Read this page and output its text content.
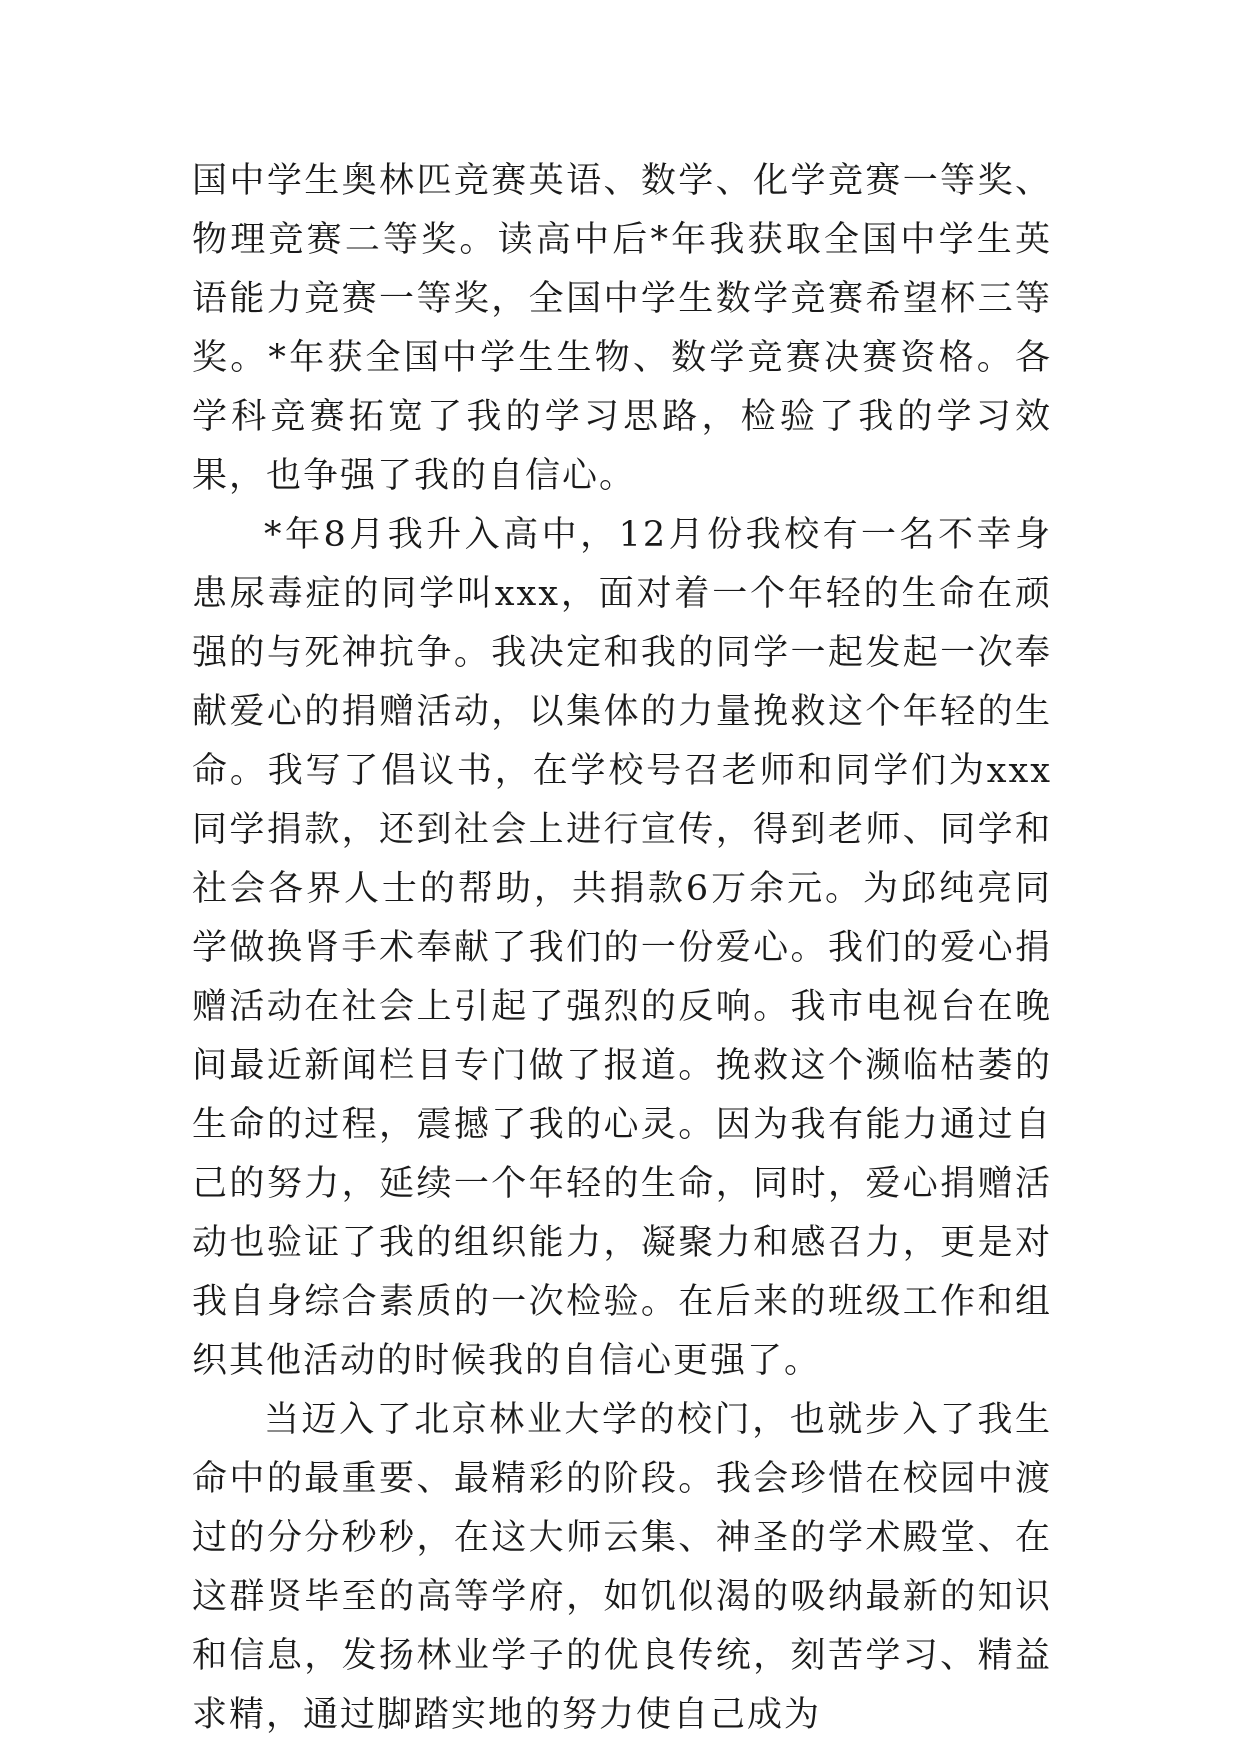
国中学生奥林匹竞赛英语、数学、化学竞赛一等奖、物理竞赛二等奖。读高中后*年我获取全国中学生英语能力竞赛一等奖，全国中学生数学竞赛希望杯三等奖。*年获全国中学生生物、数学竞赛决赛资格。各学科竞赛拓宽了我的学习思路，检验了我的学习效果，也争强了我的自信心。

*年8月我升入高中，12月份我校有一名不幸身患尿毒症的同学叫xxx，面对着一个年轻的生命在顽强的与死神抗争。我决定和我的同学一起发起一次奉献爱心的捐赠活动，以集体的力量挽救这个年轻的生命。我写了倡议书，在学校号召老师和同学们为xxx同学捐款，还到社会上进行宣传，得到老师、同学和社会各界人士的帮助，共捐款6万余元。为邱纯亮同学做换肾手术奉献了我们的一份爱心。我们的爱心捐赠活动在社会上引起了强烈的反响。我市电视台在晚间最近新闻栏目专门做了报道。挽救这个濒临枯萎的生命的过程，震撼了我的心灵。因为我有能力通过自己的努力，延续一个年轻的生命，同时，爱心捐赠活动也验证了我的组织能力，凝聚力和感召力，更是对我自身综合素质的一次检验。在后来的班级工作和组织其他活动的时候我的自信心更强了。

当迈入了北京林业大学的校门，也就步入了我生命中的最重要、最精彩的阶段。我会珍惜在校园中渡过的分分秒秒，在这大师云集、神圣的学术殿堂、在这群贤毕至的高等学府，如饥似渴的吸纳最新的知识和信息，发扬林业学子的优良传统，刻苦学习、精益求精，通过脚踏实地的努力使自己成为
